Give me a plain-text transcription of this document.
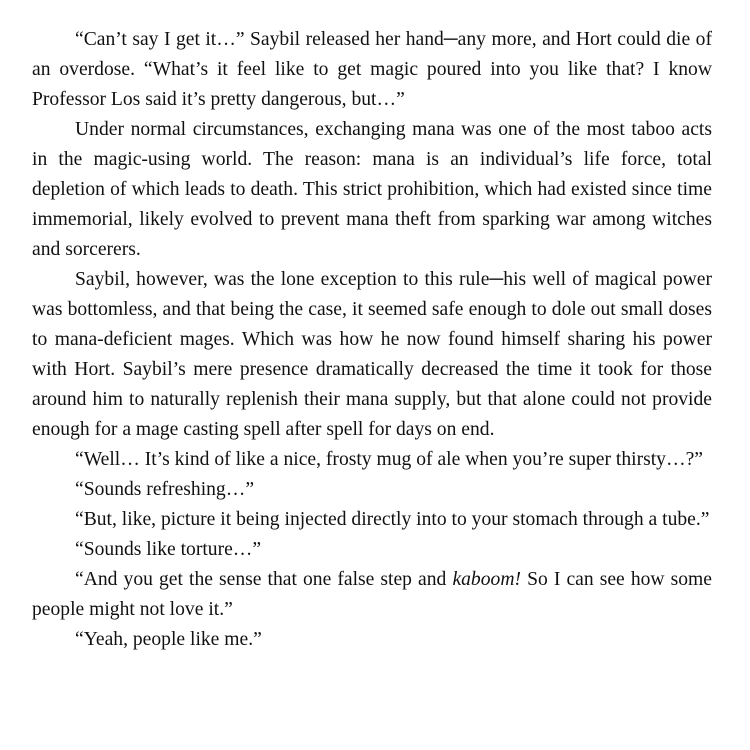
“Can’t say I get it…” Saybil released her hand─any more, and Hort could die of an overdose. “What’s it feel like to get magic poured into you like that? I know Professor Los said it’s pretty dangerous, but…”

Under normal circumstances, exchanging mana was one of the most taboo acts in the magic-using world. The reason: mana is an individual’s life force, total depletion of which leads to death. This strict prohibition, which had existed since time immemorial, likely evolved to prevent mana theft from sparking war among witches and sorcerers.

Saybil, however, was the lone exception to this rule─his well of magical power was bottomless, and that being the case, it seemed safe enough to dole out small doses to mana-deficient mages. Which was how he now found himself sharing his power with Hort. Saybil’s mere presence dramatically decreased the time it took for those around him to naturally replenish their mana supply, but that alone could not provide enough for a mage casting spell after spell for days on end.

“Well… It’s kind of like a nice, frosty mug of ale when you’re super thirsty…?”

“Sounds refreshing…”

“But, like, picture it being injected directly into to your stomach through a tube.”

“Sounds like torture…”

“And you get the sense that one false step and kaboom! So I can see how some people might not love it.”

“Yeah, people like me.”
